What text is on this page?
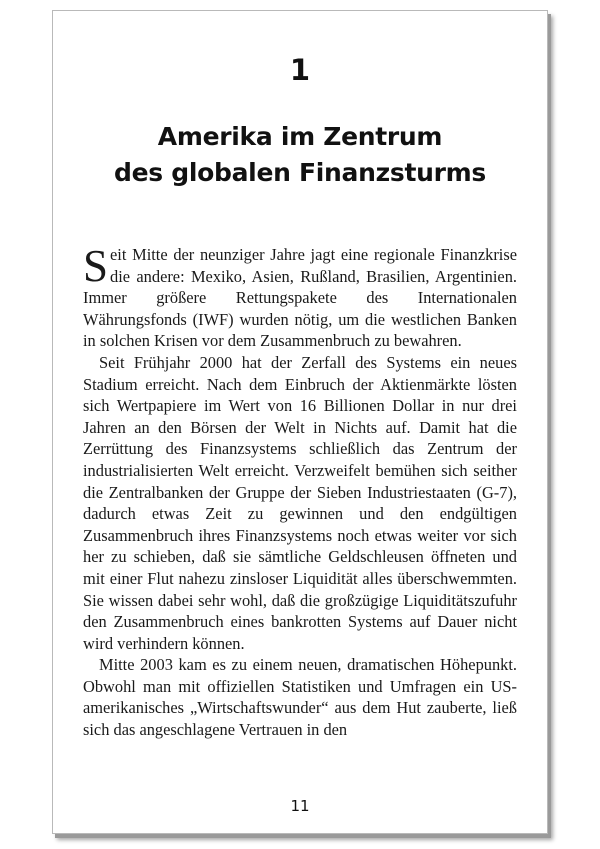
1
Amerika im Zentrum
des globalen Finanzsturms

Seit Mitte der neunziger Jahre jagt eine regionale Finanzkrise die andere: Mexiko, Asien, Rußland, Brasilien, Argentinien. Immer größere Rettungspakete des Internationalen Währungsfonds (IWF) wurden nötig, um die westlichen Banken in solchen Krisen vor dem Zusammenbruch zu bewahren.

Seit Frühjahr 2000 hat der Zerfall des Systems ein neues Stadium erreicht. Nach dem Einbruch der Aktienmärkte lösten sich Wertpapiere im Wert von 16 Billionen Dollar in nur drei Jahren an den Börsen der Welt in Nichts auf. Damit hat die Zerrüttung des Finanzsystems schließlich das Zentrum der industrialisierten Welt erreicht. Verzweifelt bemühen sich seither die Zentralbanken der Gruppe der Sieben Industriestaaten (G-7), dadurch etwas Zeit zu gewinnen und den endgültigen Zusammenbruch ihres Finanzsystems noch etwas weiter vor sich her zu schieben, daß sie sämtliche Geldschleusen öffneten und mit einer Flut nahezu zinsloser Liquidität alles überschwemmten. Sie wissen dabei sehr wohl, daß die großzügige Liquiditätszufuhr den Zusammenbruch eines bankrotten Systems auf Dauer nicht wird verhindern können.

Mitte 2003 kam es zu einem neuen, dramatischen Höhepunkt. Obwohl man mit offiziellen Statistiken und Umfragen ein US-amerikanisches „Wirtschaftswunder“ aus dem Hut zauberte, ließ sich das angeschlagene Vertrauen in den

11
